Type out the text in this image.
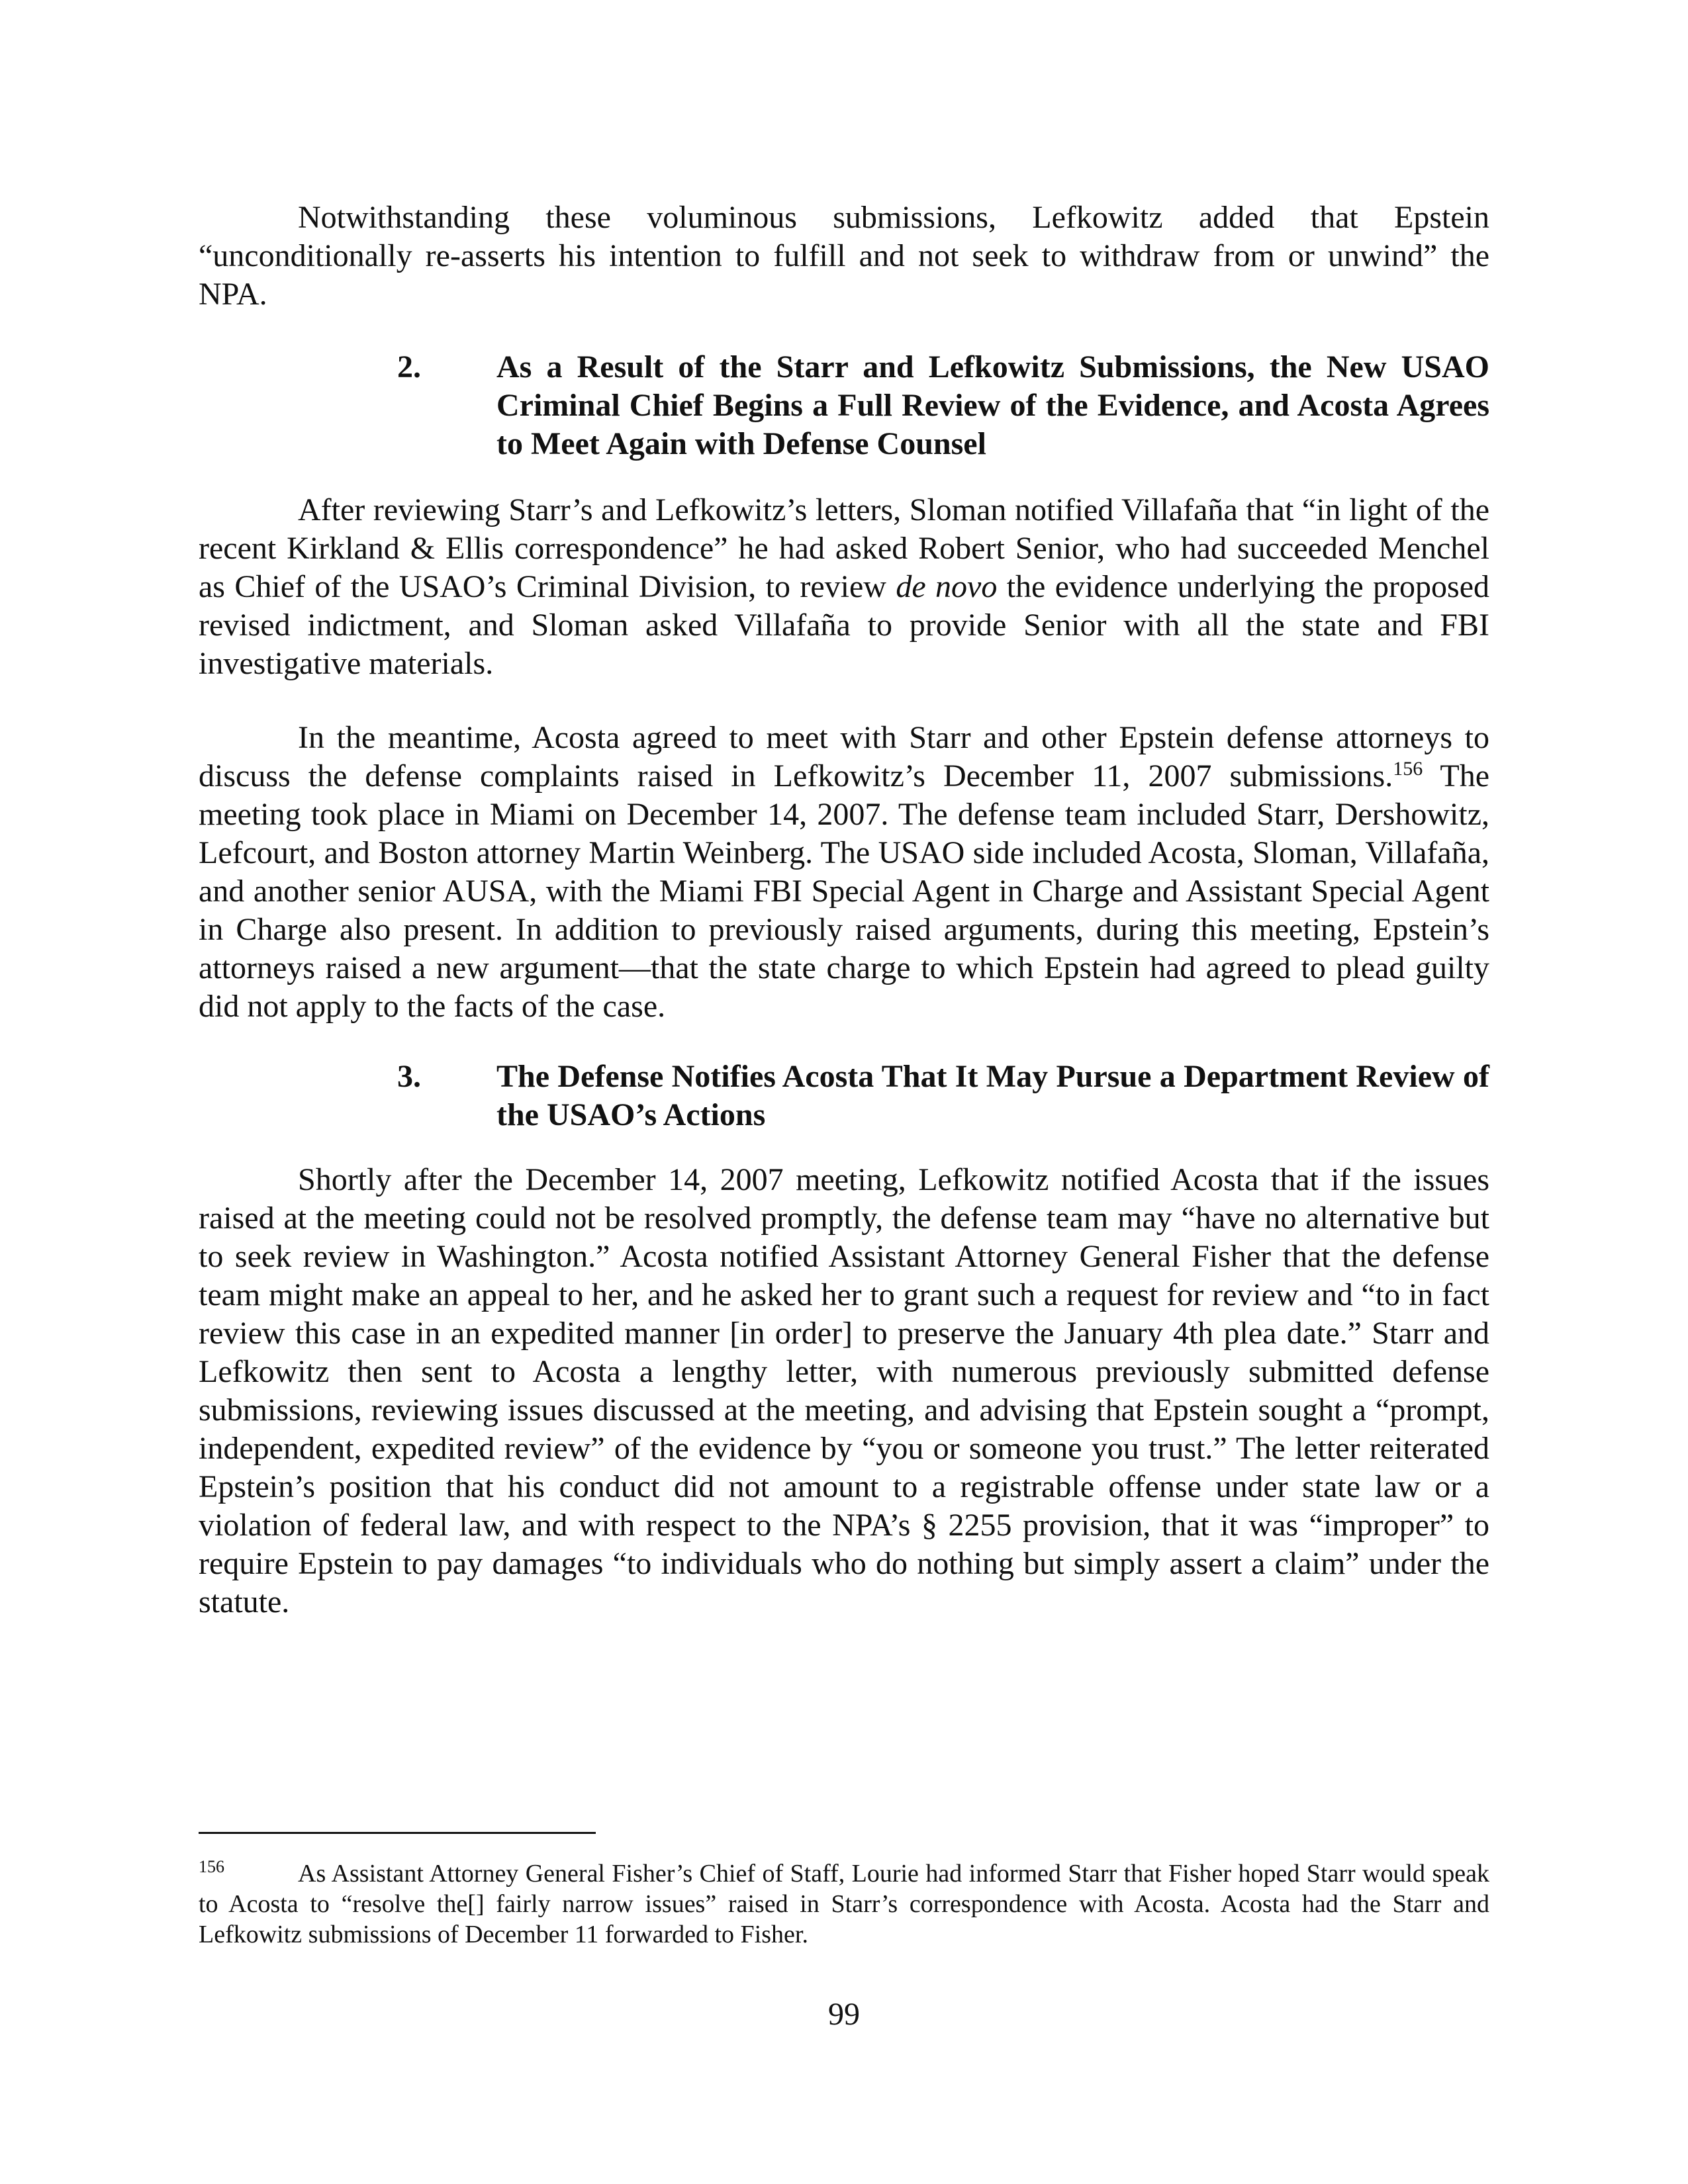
Notwithstanding these voluminous submissions, Lefkowitz added that Epstein “unconditionally re-asserts his intention to fulfill and not seek to withdraw from or unwind” the NPA.

2. As a Result of the Starr and Lefkowitz Submissions, the New USAO Criminal Chief Begins a Full Review of the Evidence, and Acosta Agrees to Meet Again with Defense Counsel

After reviewing Starr’s and Lefkowitz’s letters, Sloman notified Villafaña that “in light of the recent Kirkland & Ellis correspondence” he had asked Robert Senior, who had succeeded Menchel as Chief of the USAO’s Criminal Division, to review de novo the evidence underlying the proposed revised indictment, and Sloman asked Villafaña to provide Senior with all the state and FBI investigative materials.

In the meantime, Acosta agreed to meet with Starr and other Epstein defense attorneys to discuss the defense complaints raised in Lefkowitz’s December 11, 2007 submissions.$^{156}$ The meeting took place in Miami on December 14, 2007. The defense team included Starr, Dershowitz, Lefcourt, and Boston attorney Martin Weinberg. The USAO side included Acosta, Sloman, Villafaña, and another senior AUSA, with the Miami FBI Special Agent in Charge and Assistant Special Agent in Charge also present. In addition to previously raised arguments, during this meeting, Epstein’s attorneys raised a new argument—that the state charge to which Epstein had agreed to plead guilty did not apply to the facts of the case.

3. The Defense Notifies Acosta That It May Pursue a Department Review of the USAO’s Actions

Shortly after the December 14, 2007 meeting, Lefkowitz notified Acosta that if the issues raised at the meeting could not be resolved promptly, the defense team may “have no alternative but to seek review in Washington.” Acosta notified Assistant Attorney General Fisher that the defense team might make an appeal to her, and he asked her to grant such a request for review and “to in fact review this case in an expedited manner [in order] to preserve the January 4th plea date.” Starr and Lefkowitz then sent to Acosta a lengthy letter, with numerous previously submitted defense submissions, reviewing issues discussed at the meeting, and advising that Epstein sought a “prompt, independent, expedited review” of the evidence by “you or someone you trust.” The letter reiterated Epstein’s position that his conduct did not amount to a registrable offense under state law or a violation of federal law, and with respect to the NPA’s § 2255 provision, that it was “improper” to require Epstein to pay damages “to individuals who do nothing but simply assert a claim” under the statute.

156	As Assistant Attorney General Fisher’s Chief of Staff, Lourie had informed Starr that Fisher hoped Starr would speak to Acosta to “resolve the[] fairly narrow issues” raised in Starr’s correspondence with Acosta. Acosta had the Starr and Lefkowitz submissions of December 11 forwarded to Fisher.

99
